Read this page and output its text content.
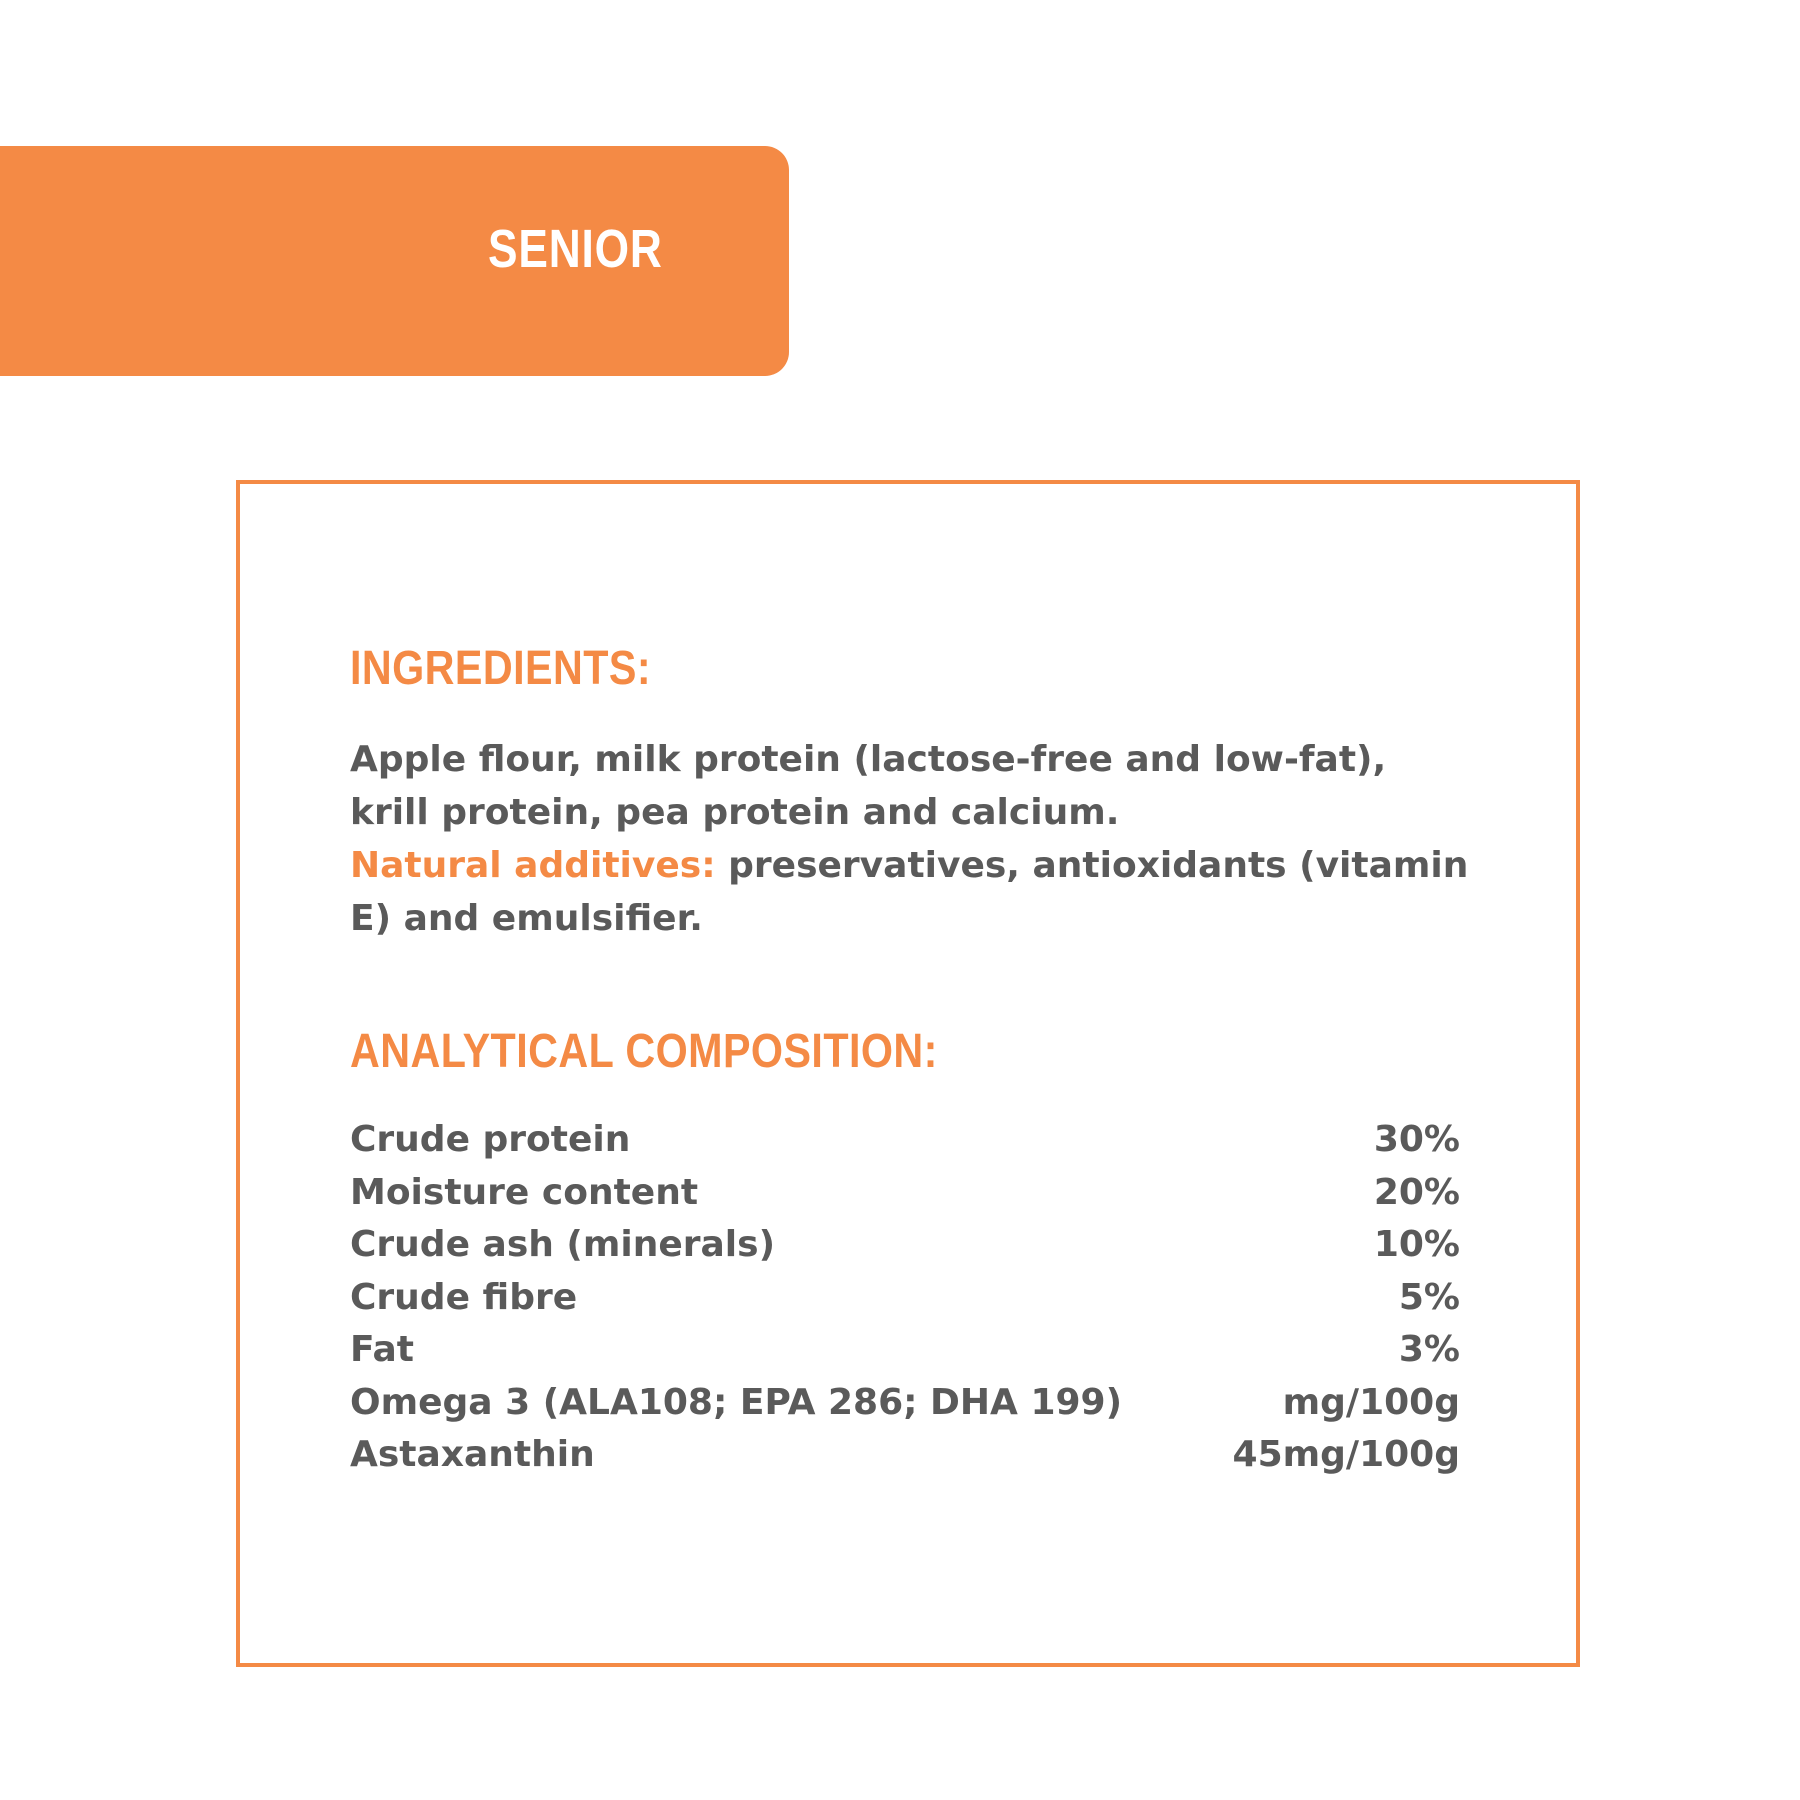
SENIOR
INGREDIENTS:
Apple flour, milk protein (lactose-free and low-fat), krill protein, pea protein and calcium.
Natural additives: preservatives, antioxidants (vitamin E) and emulsifier.
ANALYTICAL COMPOSITION:
Crude protein	30%
Moisture content	20%
Crude ash (minerals)	10%
Crude fibre	5%
Fat	3%
Omega 3 (ALA108; EPA 286; DHA 199)	mg/100g
Astaxanthin	45mg/100g
